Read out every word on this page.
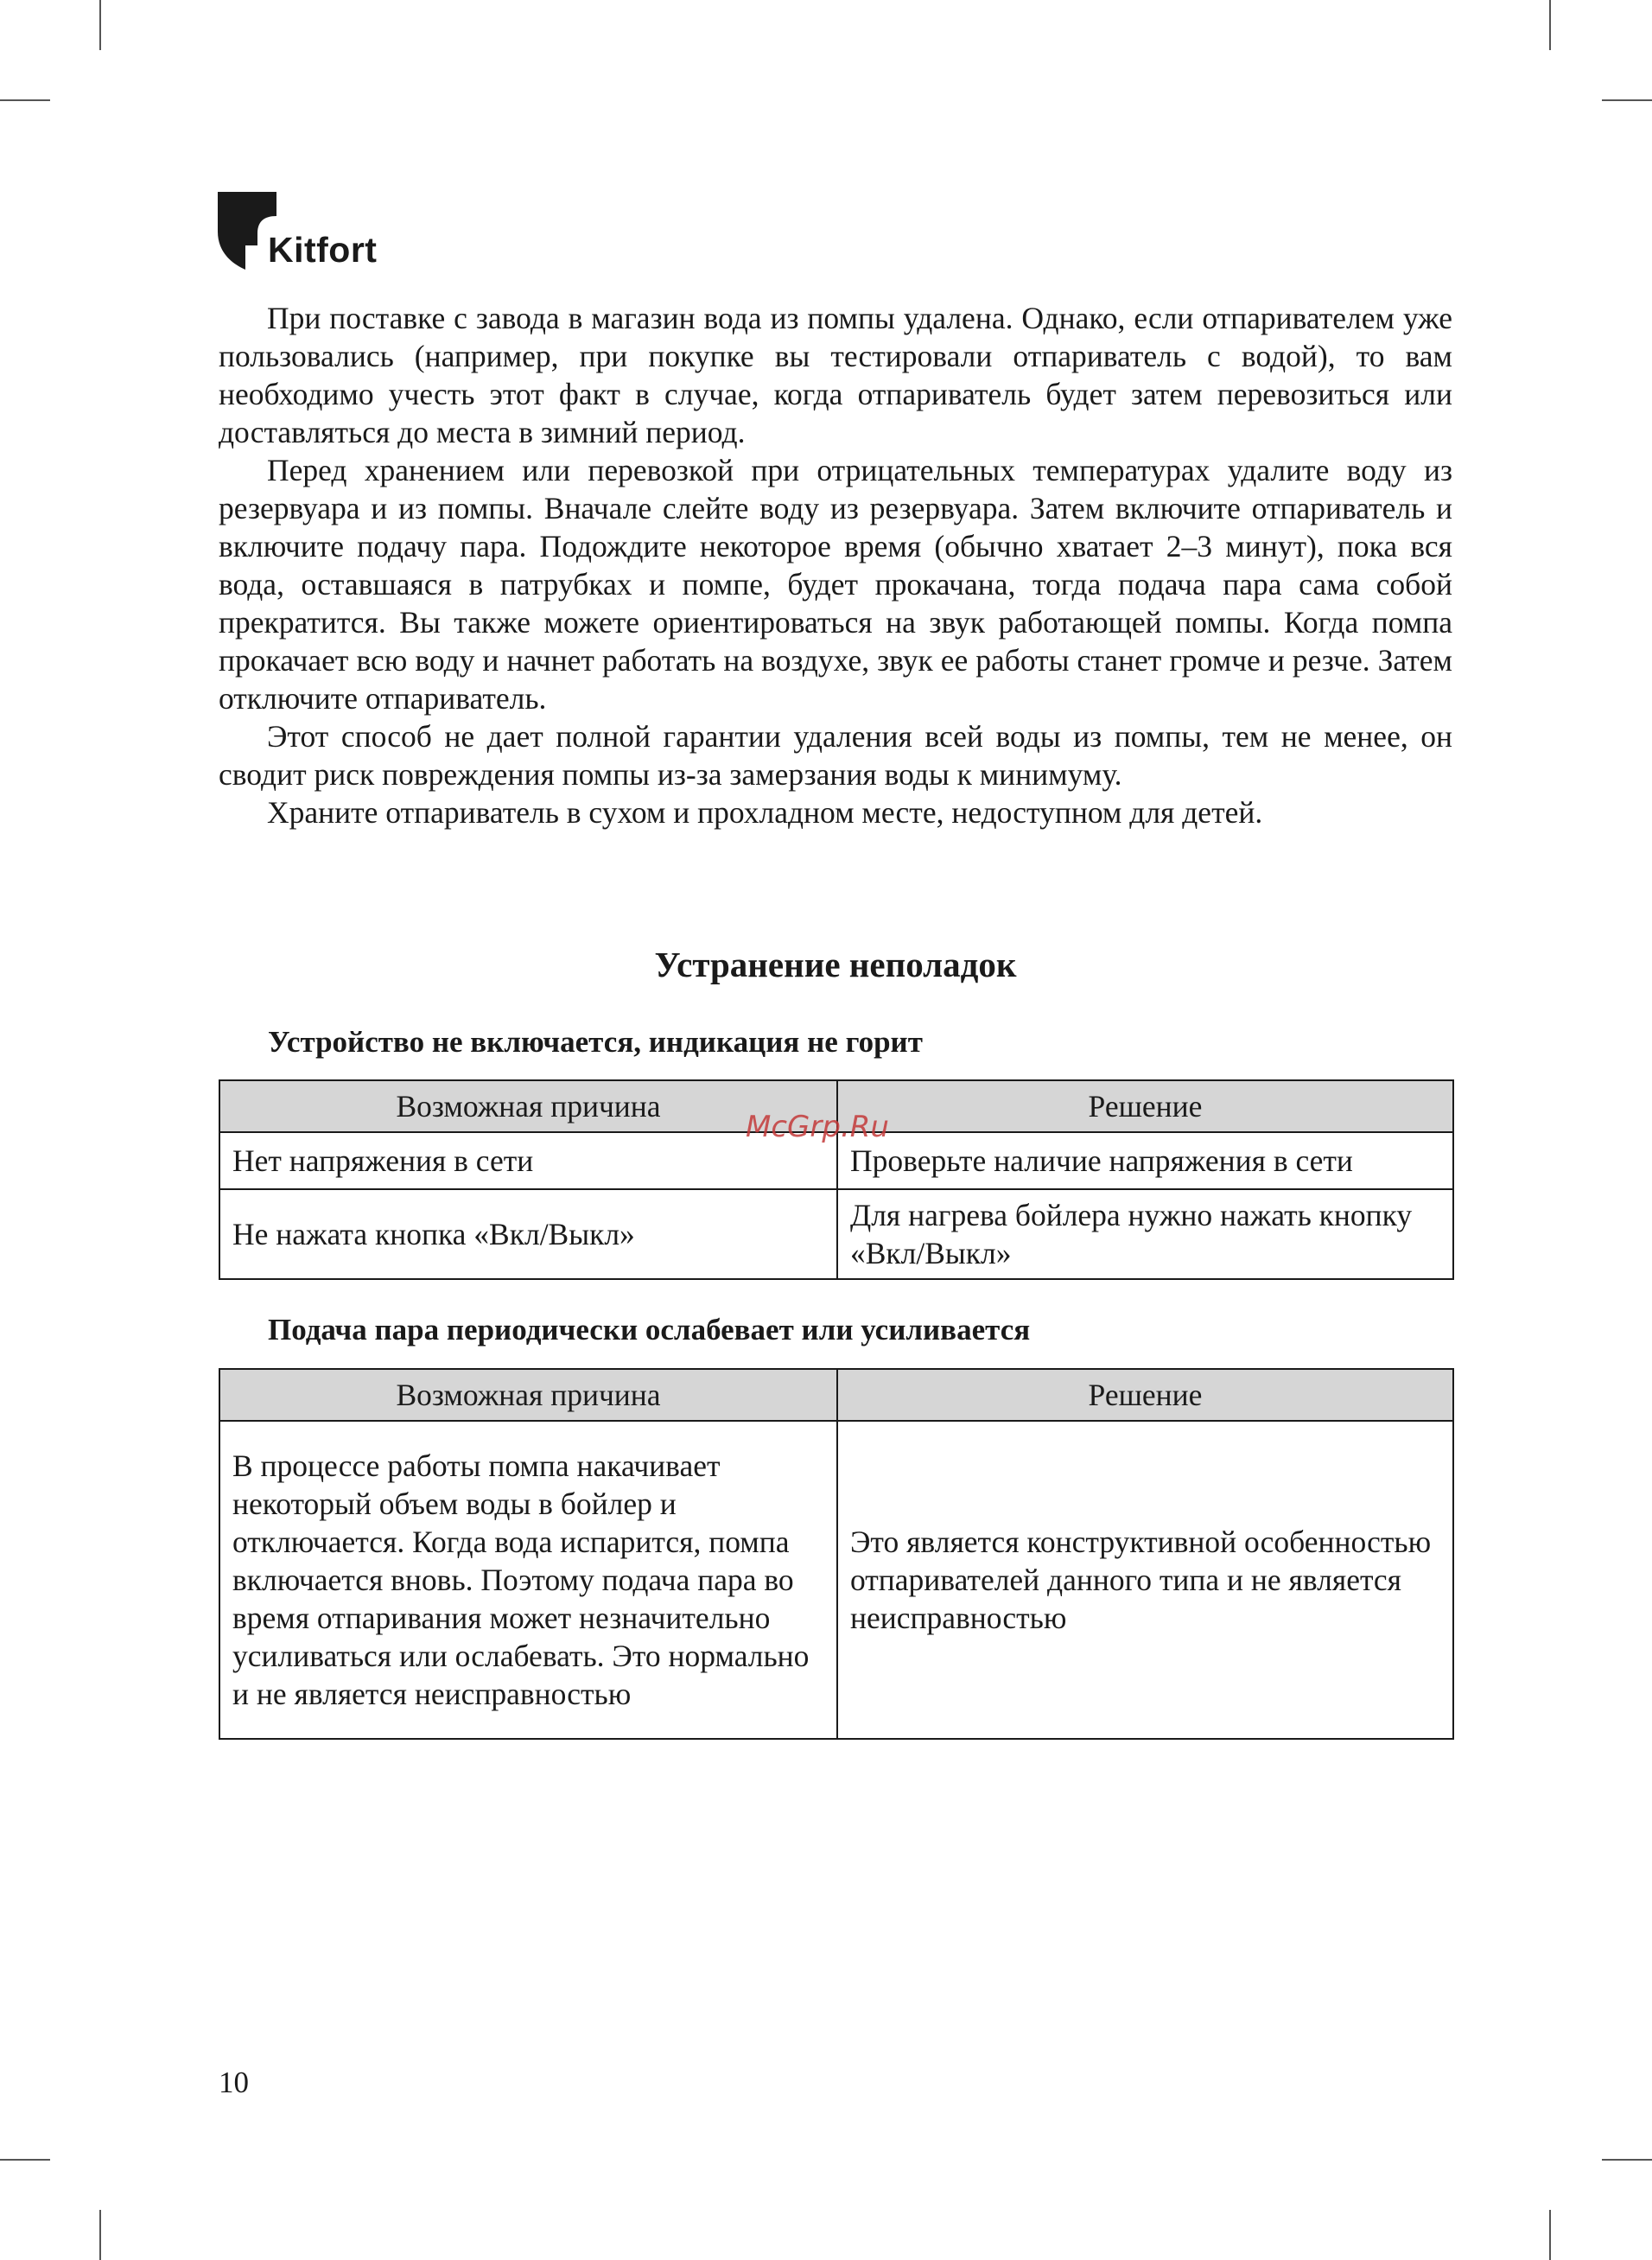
Kitfort

При поставке с завода в магазин вода из помпы удалена. Однако, если отпаривателем уже пользовались (например, при покупке вы тестировали отпариватель с водой), то вам необходимо учесть этот факт в случае, когда отпариватель будет затем перевозиться или доставляться до места в зимний период.

Перед хранением или перевозкой при отрицательных температурах удалите воду из резервуара и из помпы. Вначале слейте воду из резервуара. Затем включите отпариватель и включите подачу пара. Подождите некоторое время (обычно хватает 2–3 минут), пока вся вода, оставшаяся в патрубках и помпе, будет прокачана, тогда подача пара сама собой прекратится. Вы также можете ориентироваться на звук работающей помпы. Когда помпа прокачает всю воду и начнет работать на воздухе, звук ее работы станет громче и резче. Затем отключите отпариватель.

Этот способ не дает полной гарантии удаления всей воды из помпы, тем не менее, он сводит риск повреждения помпы из-за замерзания воды к минимуму.

Храните отпариватель в сухом и прохладном месте, недоступном для детей.

Устранение неполадок
Устройство не включается, индикация не горит
Возможная причина	Решение
Нет напряжения в сети	Проверьте наличие напряжения в сети
Не нажата кнопка «Вкл/Выкл»	Для нагрева бойлера нужно нажать кнопку «Вкл/Выкл»
Подача пара периодически ослабевает или усиливается
Возможная причина	Решение
В процессе работы помпа накачивает некоторый объем воды в бойлер и отключается. Когда вода испарится, помпа включается вновь. Поэтому подача пара во время отпаривания может незначительно усиливаться или ослабевать. Это нормально и не является неисправностью	Это является конструктивной особенностью отпаривателей данного типа и не является неисправностью
McGrp.Ru
10
